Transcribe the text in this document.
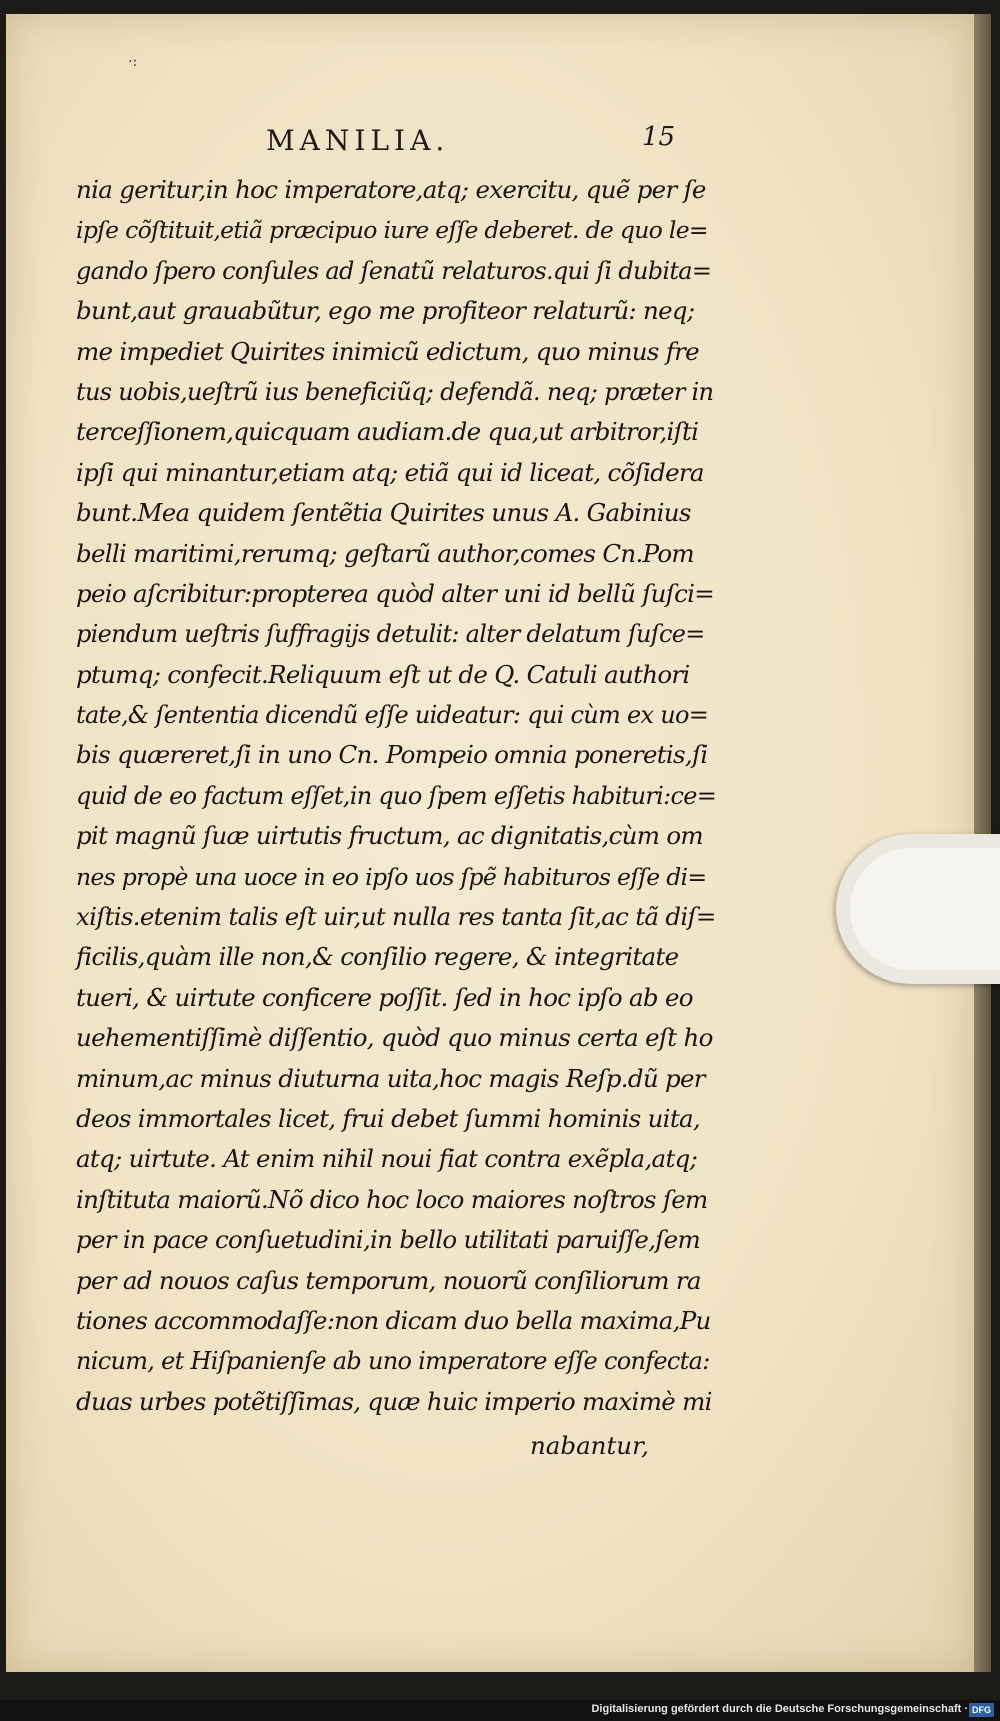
·:
MANILIA.	15
nia geritur,in hoc imperatore,atq; exercitu, quẽ per ſe
ipſe cõſtituit,etiã præcipuo iure eſſe deberet. de quo le=
gando ſpero conſules ad ſenatũ relaturos.qui ſi dubita=
bunt,aut grauabũtur, ego me profiteor relaturũ: neq;
me impediet Quirites inimicũ edictum, quo minus fre
tus uobis,ueſtrũ ius beneficiũq; defendã. neq; præter in
terceſſionem,quicquam audiam.de qua,ut arbitror,iſti
ipſi qui minantur,etiam atq; etiã qui id liceat, cõſidera
bunt.Mea quidem ſentẽtia Quirites unus A. Gabinius
belli maritimi,rerumq; geſtarũ author,comes Cn.Pom
peio aſcribitur:propterea quòd alter uni id bellũ ſuſci=
piendum ueſtris ſuffragijs detulit: alter delatum ſuſce=
ptumq; confecit.Reliquum eſt ut de Q. Catuli authori
tate,& ſententia dicendũ eſſe uideatur: qui cùm ex uo=
bis quæreret,ſi in uno Cn. Pompeio omnia poneretis,ſi
quid de eo factum eſſet,in quo ſpem eſſetis habituri:ce=
pit magnũ ſuæ uirtutis fructum, ac dignitatis,cùm om
nes propè una uoce in eo ipſo uos ſpẽ habituros eſſe di=
xiſtis.etenim talis eſt uir,ut nulla res tanta ſit,ac tã diſ=
ficilis,quàm ille non,& conſilio regere, & integritate
tueri, & uirtute conficere poſſit. ſed in hoc ipſo ab eo
uehementiſſimè diſſentio, quòd quo minus certa eſt ho
minum,ac minus diuturna uita,hoc magis Reſp.dũ per
deos immortales licet, frui debet ſummi hominis uita,
atq; uirtute. At enim nihil noui fiat contra exẽpla,atq;
inſtituta maiorũ.Nõ dico hoc loco maiores noſtros ſem
per in pace conſuetudini,in bello utilitati paruiſſe,ſem
per ad nouos caſus temporum, nouorũ conſiliorum ra
tiones accommodaſſe:non dicam duo bella maxima,Pu
nicum, et Hiſpanienſe ab uno imperatore eſſe confecta:
duas urbes potẽtiſſimas, quæ huic imperio maximè mi
nabantur,
Digitalisierung gefördert durch die Deutsche Forschungsgemeinschaft · DFG
